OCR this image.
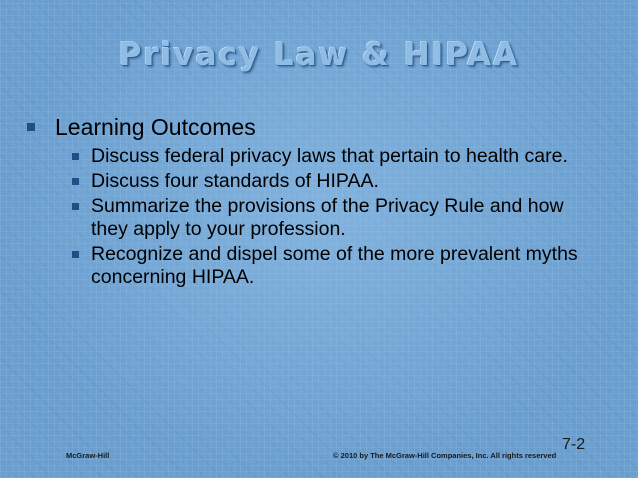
Privacy Law & HIPAA
Learning Outcomes
Discuss federal privacy laws that pertain to health care.
Discuss four standards of HIPAA.
Summarize the provisions of the Privacy Rule and how they apply to your profession.
Recognize and dispel some of the more prevalent myths concerning HIPAA.
McGraw-Hill	© 2010 by The McGraw-Hill Companies, Inc. All rights reserved
7-2
